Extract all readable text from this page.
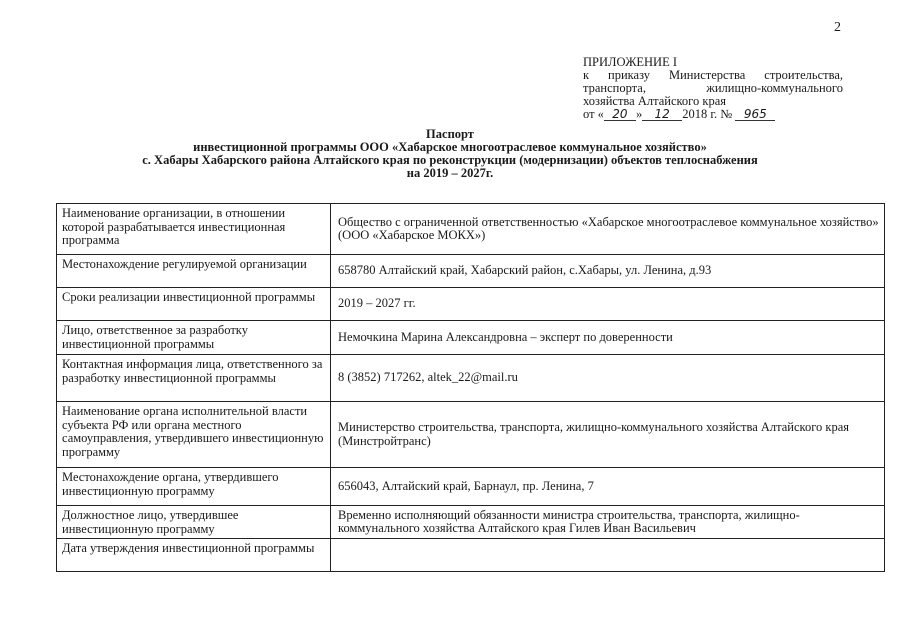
2
ПРИЛОЖЕНИЕ I
к приказу Министерства строительства,
транспорта, жилищно-коммунального
хозяйства Алтайского края
от « 20 » 12 2018 г. № 965
Паспорт
инвестиционной программы ООО «Хабарское многоотраслевое коммунальное хозяйство»
с. Хабары Хабарского района Алтайского края по реконструкции (модернизации) объектов теплоснабжения
на 2019 – 2027г.
Наименование организации, в отношении которой разрабатывается инвестиционная программа	Общество с ограниченной ответственностью «Хабарское многоотраслевое коммунальное хозяйство» (ООО «Хабарское МОКХ»)
Местонахождение регулируемой организации	658780 Алтайский край, Хабарский район, с.Хабары, ул. Ленина, д.93
Сроки реализации инвестиционной программы	2019 – 2027 гг.
Лицо, ответственное за разработку инвестиционной программы	Немочкина Марина Александровна – эксперт по доверенности
Контактная информация лица, ответственного за разработку инвестиционной программы	8 (3852) 717262, altek_22@mail.ru
Наименование органа исполнительной власти субъекта РФ или органа местного самоуправления, утвердившего инвестиционную программу	Министерство строительства, транспорта, жилищно-коммунального хозяйства Алтайского края (Минстройтранс)
Местонахождение органа, утвердившего инвестиционную программу	656043, Алтайский край, Барнаул, пр. Ленина, 7
Должностное лицо, утвердившее инвестиционную программу	Временно исполняющий обязанности министра строительства, транспорта, жилищно-коммунального хозяйства Алтайского края Гилев Иван Васильевич
Дата утверждения инвестиционной программы	
